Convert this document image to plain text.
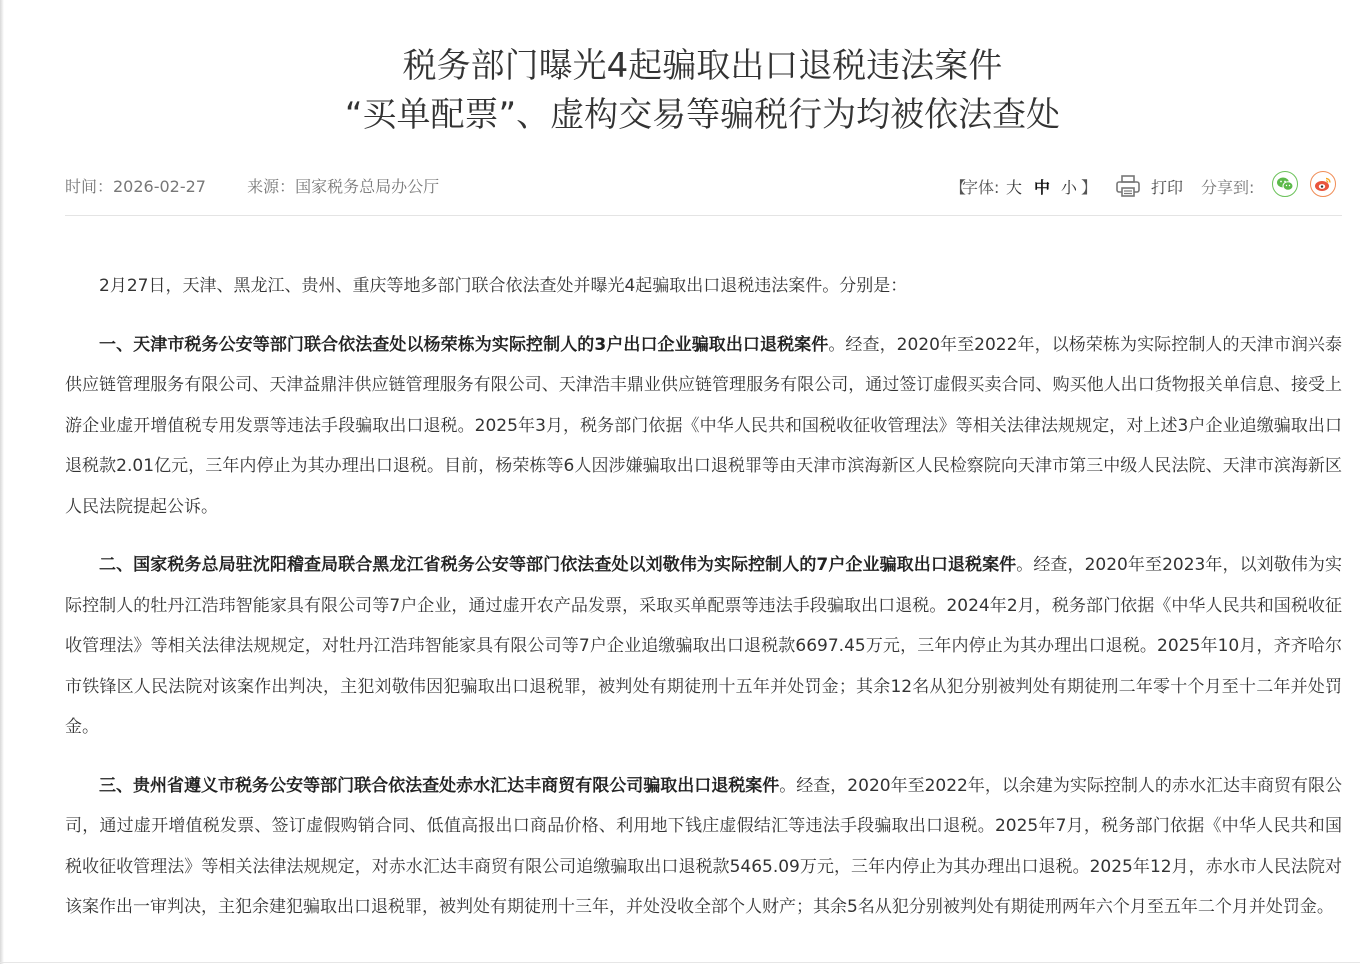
税务部门曝光4起骗取出口退税违法案件
“买单配票”、虚构交易等骗税行为均被依法查处
时间：2026-02-27	来源：国家税务总局办公厅	【
字体: 大 中 小 】	打印 分享到:

2月27日，天津、黑龙江、贵州、重庆等地多部门联合依法查处并曝光4起骗取出口退税违法案件。分别是：

一、天津市税务公安等部门联合依法查处以杨荣栋为实际控制人的3户出口企业骗取出口退税案件。经查，2020年至2022年，以杨荣栋为实际控制人的天津市润兴泰供应链管理服务有限公司、天津益鼎沣供应链管理服务有限公司、天津浩丰鼎业供应链管理服务有限公司，通过签订虚假买卖合同、购买他人出口货物报关单信息、接受上游企业虚开增值税专用发票等违法手段骗取出口退税。2025年3月，税务部门依据《中华人民共和国税收征收管理法》等相关法律法规规定，对上述3户企业追缴骗取出口退税款2.01亿元，三年内停止为其办理出口退税。目前，杨荣栋等6人因涉嫌骗取出口退税罪等由天津市滨海新区人民检察院向天津市第三中级人民法院、天津市滨海新区人民法院提起公诉。

二、国家税务总局驻沈阳稽查局联合黑龙江省税务公安等部门依法查处以刘敬伟为实际控制人的7户企业骗取出口退税案件。经查，2020年至2023年，以刘敬伟为实际控制人的牡丹江浩玮智能家具有限公司等7户企业，通过虚开农产品发票，采取买单配票等违法手段骗取出口退税。2024年2月，税务部门依据《中华人民共和国税收征收管理法》等相关法律法规规定，对牡丹江浩玮智能家具有限公司等7户企业追缴骗取出口退税款6697.45万元，三年内停止为其办理出口退税。2025年10月，齐齐哈尔市铁锋区人民法院对该案作出判决，主犯刘敬伟因犯骗取出口退税罪，被判处有期徒刑十五年并处罚金；其余12名从犯分别被判处有期徒刑二年零十个月至十二年并处罚金。

三、贵州省遵义市税务公安等部门联合依法查处赤水汇达丰商贸有限公司骗取出口退税案件。经查，2020年至2022年，以余建为实际控制人的赤水汇达丰商贸有限公司，通过虚开增值税发票、签订虚假购销合同、低值高报出口商品价格、利用地下钱庄虚假结汇等违法手段骗取出口退税。2025年7月，税务部门依据《中华人民共和国税收征收管理法》等相关法律法规规定，对赤水汇达丰商贸有限公司追缴骗取出口退税款5465.09万元，三年内停止为其办理出口退税。2025年12月，赤水市人民法院对该案作出一审判决，主犯余建犯骗取出口退税罪，被判处有期徒刑十三年，并处没收全部个人财产；其余5名从犯分别被判处有期徒刑两年六个月至五年二个月并处罚金。
